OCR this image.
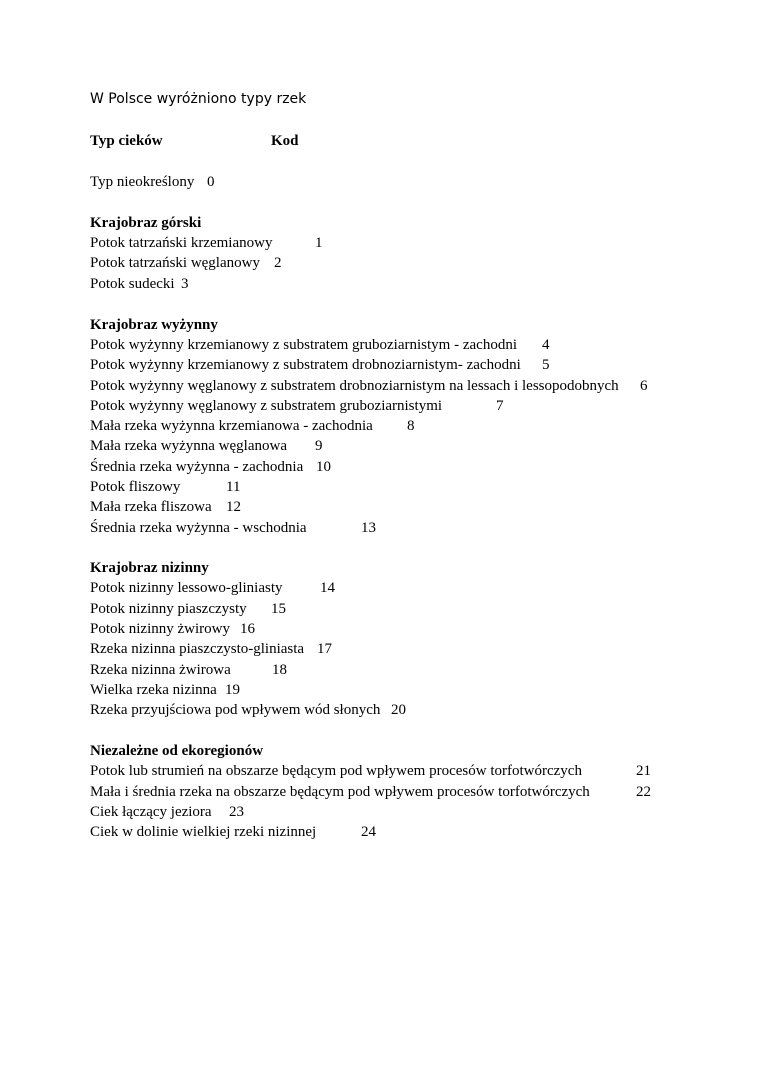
W Polsce wyróżniono typy rzek
Typ cieków	Kod
Typ nieokreślony 0
Krajobraz górski
Potok tatrzański krzemianowy	1
Potok tatrzański węglanowy 2
Potok sudecki 3
Krajobraz wyżynny
Potok wyżynny krzemianowy z substratem gruboziarnistym - zachodni 4
Potok wyżynny krzemianowy z substratem drobnoziarnistym- zachodni 5
Potok wyżynny węglanowy z substratem drobnoziarnistym na lessach i lessopodobnych 6
Potok wyżynny węglanowy z substratem gruboziarnistymi	7
Mała rzeka wyżynna krzemianowa - zachodnia 8
Mała rzeka wyżynna węglanowa 9
Średnia rzeka wyżynna - zachodnia 10
Potok fliszowy	11
Mała rzeka fliszowa 12
Średnia rzeka wyżynna - wschodnia	13
Krajobraz nizinny
Potok nizinny lessowo-gliniasty	14
Potok nizinny piaszczysty 15
Potok nizinny żwirowy 16
Rzeka nizinna piaszczysto-gliniasta 17
Rzeka nizinna żwirowa	18
Wielka rzeka nizinna 19
Rzeka przyujściowa pod wpływem wód słonych 20
Niezależne od ekoregionów
Potok lub strumień na obszarze będącym pod wpływem procesów torfotwórczych	21
Mała i średnia rzeka na obszarze będącym pod wpływem procesów torfotwórczych	22
Ciek łączący jeziora 23
Ciek w dolinie wielkiej rzeki nizinnej	24
